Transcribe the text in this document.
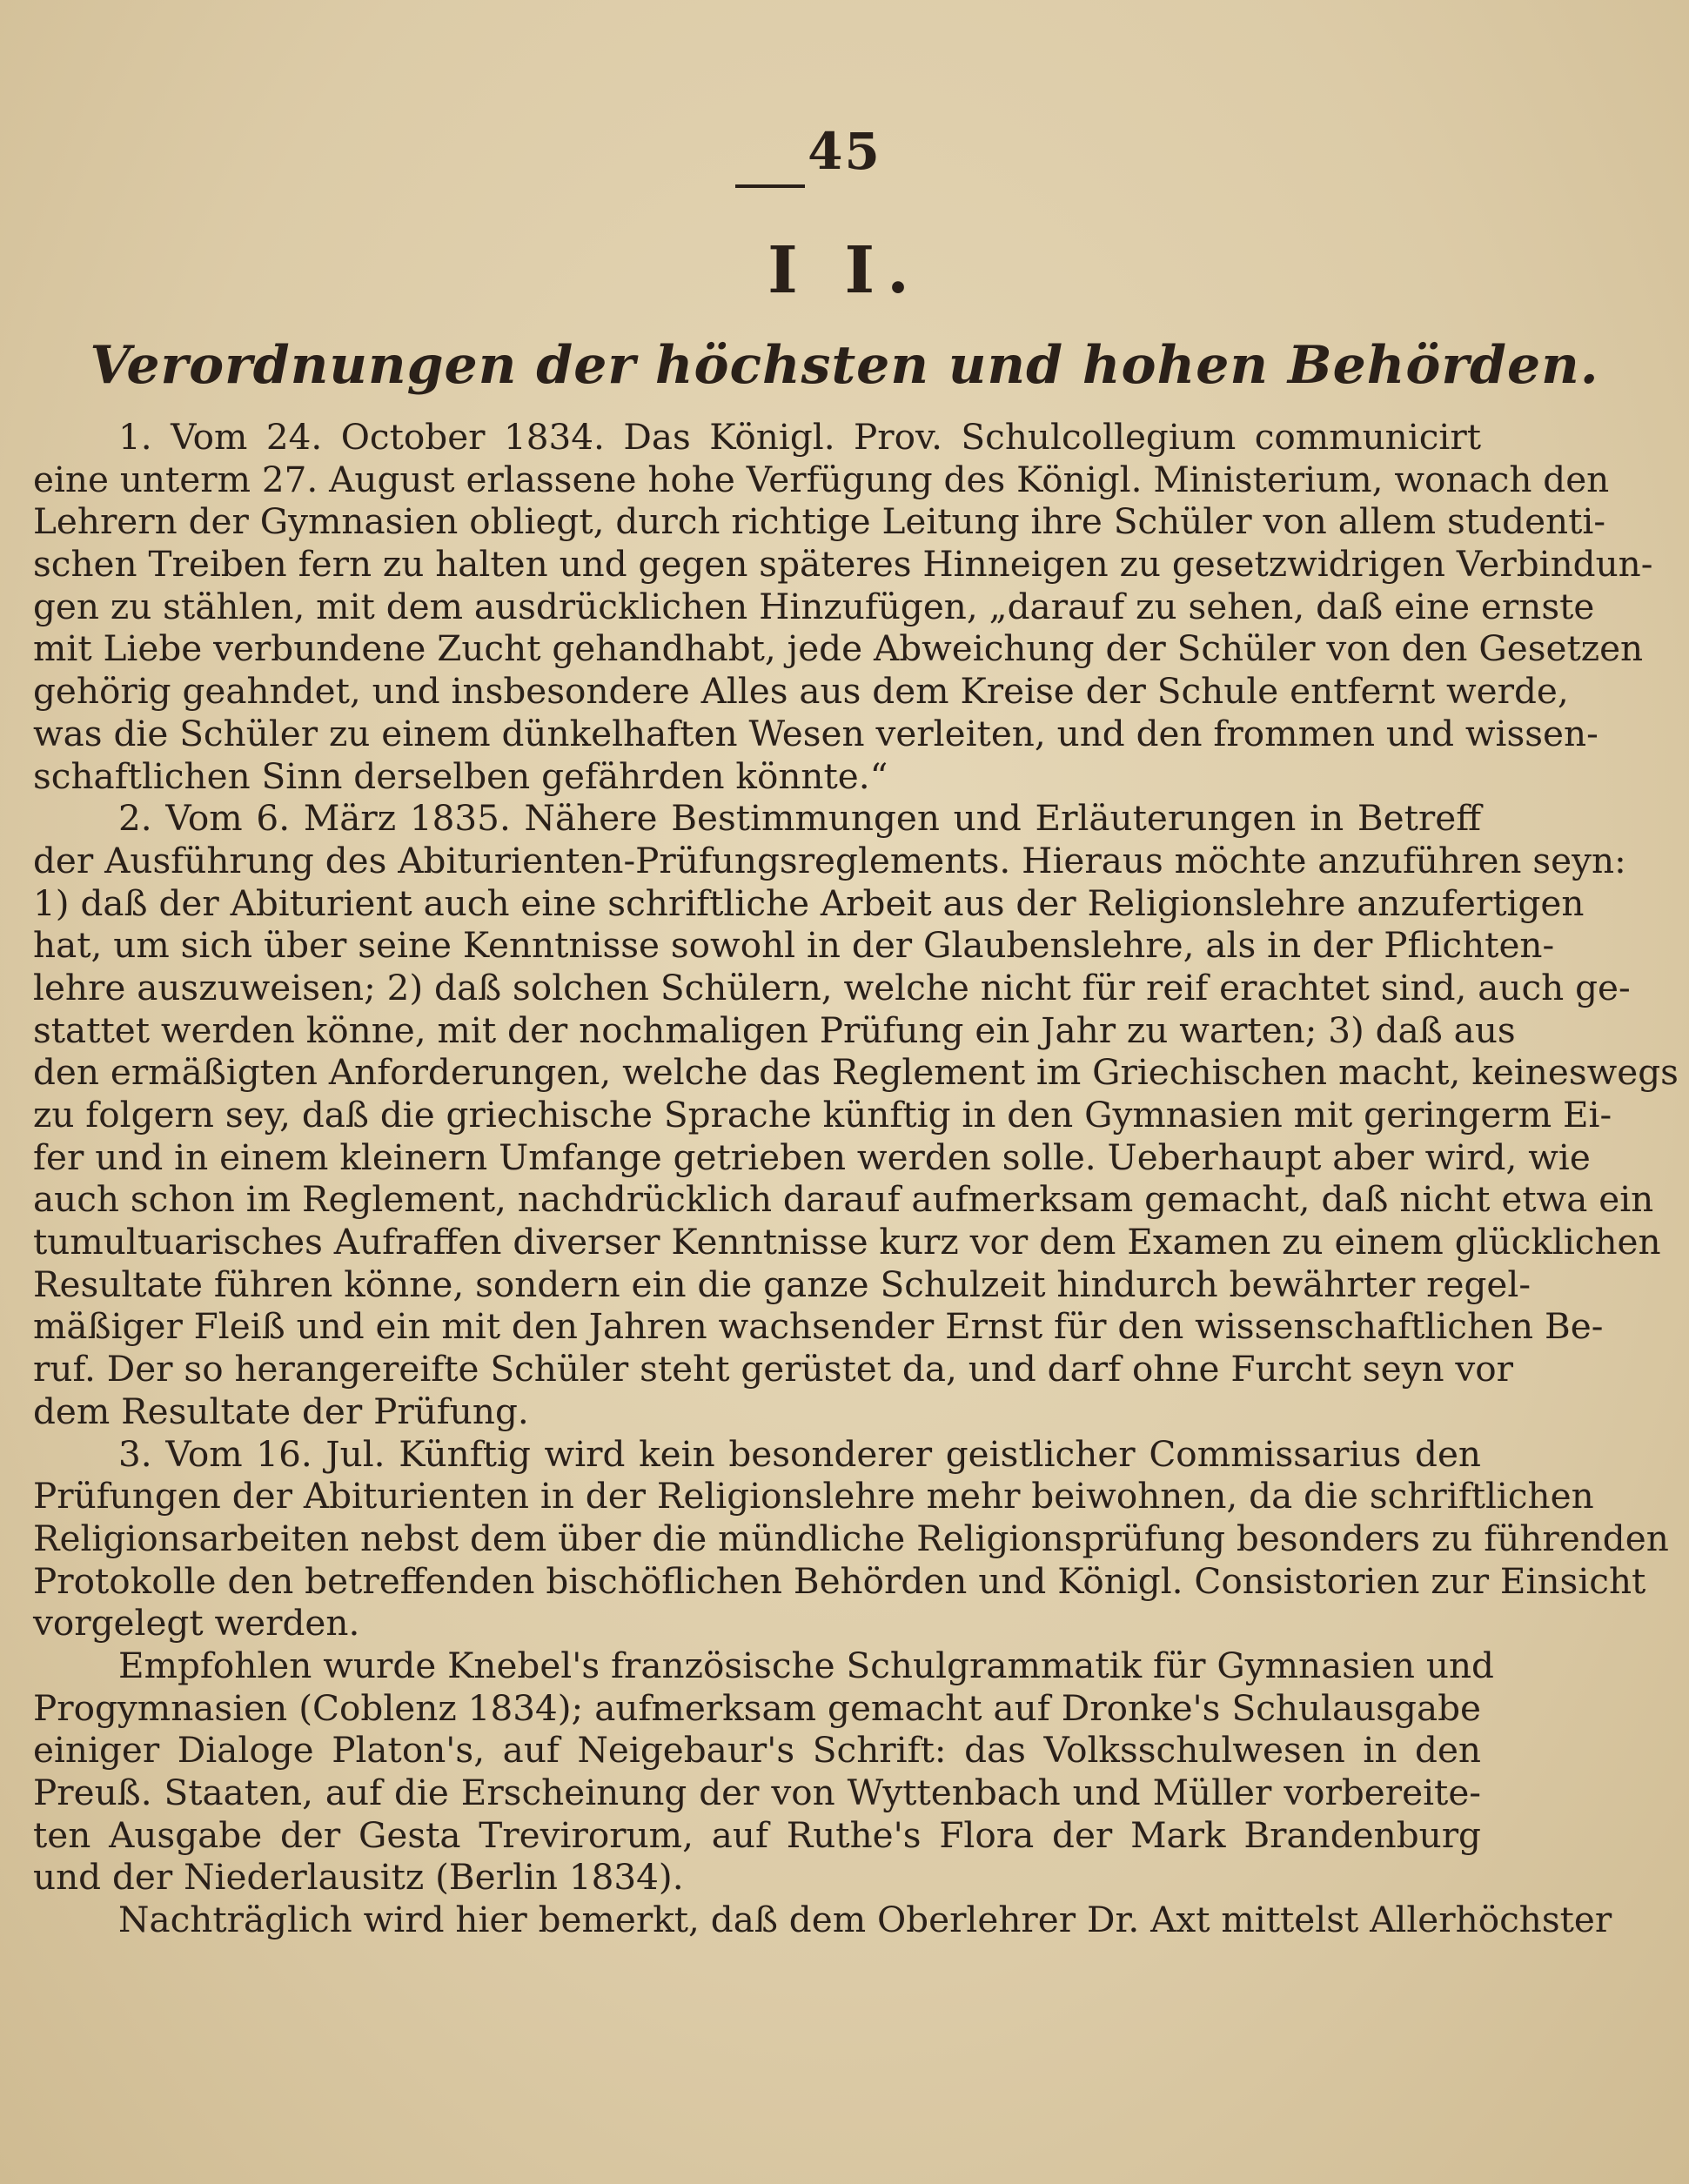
45
I I.
Verordnungen der höchsten und hohen Behörden.
1. Vom 24. October 1834. Das Königl. Prov. Schulcollegium communicirt
eine unterm 27. August erlassene hohe Verfügung des Königl. Ministerium, wonach den
Lehrern der Gymnasien obliegt, durch richtige Leitung ihre Schüler von allem studenti-
schen Treiben fern zu halten und gegen späteres Hinneigen zu gesetzwidrigen Verbindun-
gen zu stählen, mit dem ausdrücklichen Hinzufügen, „darauf zu sehen, daß eine ernste
mit Liebe verbundene Zucht gehandhabt, jede Abweichung der Schüler von den Gesetzen
gehörig geahndet, und insbesondere Alles aus dem Kreise der Schule entfernt werde,
was die Schüler zu einem dünkelhaften Wesen verleiten, und den frommen und wissen-
schaftlichen Sinn derselben gefährden könnte.“
2. Vom 6. März 1835. Nähere Bestimmungen und Erläuterungen in Betreff
der Ausführung des Abiturienten-Prüfungsreglements. Hieraus möchte anzuführen seyn:
1) daß der Abiturient auch eine schriftliche Arbeit aus der Religionslehre anzufertigen
hat, um sich über seine Kenntnisse sowohl in der Glaubenslehre, als in der Pflichten-
lehre auszuweisen; 2) daß solchen Schülern, welche nicht für reif erachtet sind, auch ge-
stattet werden könne, mit der nochmaligen Prüfung ein Jahr zu warten; 3) daß aus
den ermäßigten Anforderungen, welche das Reglement im Griechischen macht, keineswegs
zu folgern sey, daß die griechische Sprache künftig in den Gymnasien mit geringerm Ei-
fer und in einem kleinern Umfange getrieben werden solle. Ueberhaupt aber wird, wie
auch schon im Reglement, nachdrücklich darauf aufmerksam gemacht, daß nicht etwa ein
tumultuarisches Aufraffen diverser Kenntnisse kurz vor dem Examen zu einem glücklichen
Resultate führen könne, sondern ein die ganze Schulzeit hindurch bewährter regel-
mäßiger Fleiß und ein mit den Jahren wachsender Ernst für den wissenschaftlichen Be-
ruf. Der so herangereifte Schüler steht gerüstet da, und darf ohne Furcht seyn vor
dem Resultate der Prüfung.
3. Vom 16. Jul. Künftig wird kein besonderer geistlicher Commissarius den
Prüfungen der Abiturienten in der Religionslehre mehr beiwohnen, da die schriftlichen
Religionsarbeiten nebst dem über die mündliche Religionsprüfung besonders zu führenden
Protokolle den betreffenden bischöflichen Behörden und Königl. Consistorien zur Einsicht
vorgelegt werden.
Empfohlen wurde Knebel's französische Schulgrammatik für Gymnasien und
Progymnasien (Coblenz 1834); aufmerksam gemacht auf Dronke's Schulausgabe
einiger Dialoge Platon's, auf Neigebaur's Schrift: das Volksschulwesen in den
Preuß. Staaten, auf die Erscheinung der von Wyttenbach und Müller vorbereite-
ten Ausgabe der Gesta Trevirorum, auf Ruthe's Flora der Mark Brandenburg
und der Niederlausitz (Berlin 1834).
Nachträglich wird hier bemerkt, daß dem Oberlehrer Dr. Axt mittelst Allerhöchster
